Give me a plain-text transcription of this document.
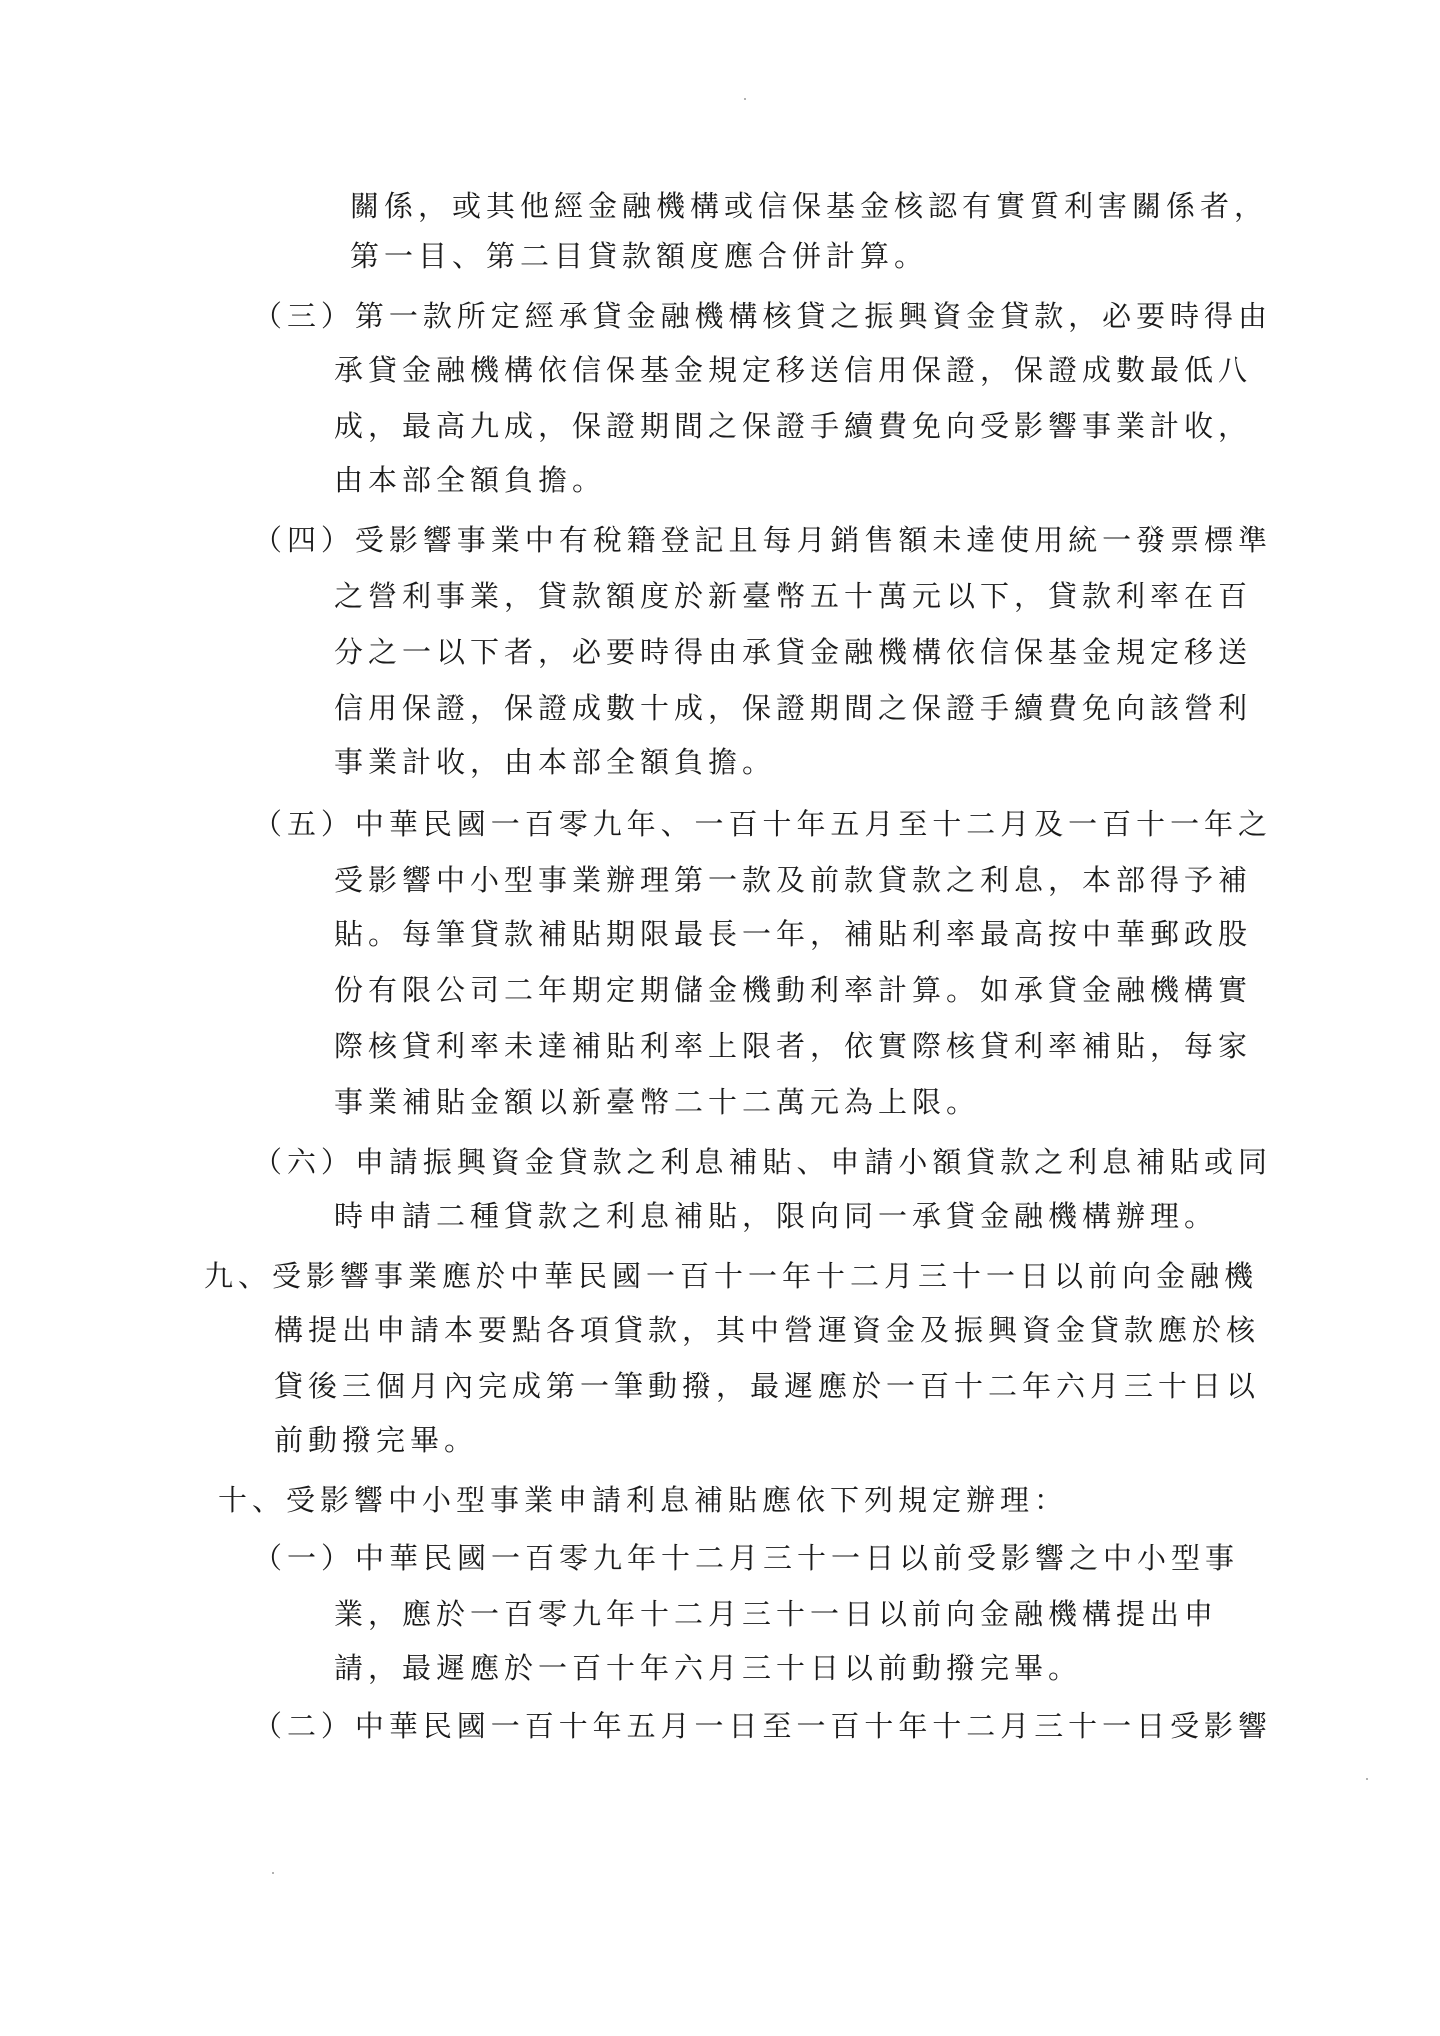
關係，或其他經金融機構或信保基金核認有實質利害關係者，
第一目、第二目貸款額度應合併計算。
（三）第一款所定經承貸金融機構核貸之振興資金貸款，必要時得由
承貸金融機構依信保基金規定移送信用保證，保證成數最低八
成，最高九成，保證期間之保證手續費免向受影響事業計收，
由本部全額負擔。
（四）受影響事業中有稅籍登記且每月銷售額未達使用統一發票標準
之營利事業，貸款額度於新臺幣五十萬元以下，貸款利率在百
分之一以下者，必要時得由承貸金融機構依信保基金規定移送
信用保證，保證成數十成，保證期間之保證手續費免向該營利
事業計收，由本部全額負擔。
（五）中華民國一百零九年、一百十年五月至十二月及一百十一年之
受影響中小型事業辦理第一款及前款貸款之利息，本部得予補
貼。每筆貸款補貼期限最長一年，補貼利率最高按中華郵政股
份有限公司二年期定期儲金機動利率計算。如承貸金融機構實
際核貸利率未達補貼利率上限者，依實際核貸利率補貼，每家
事業補貼金額以新臺幣二十二萬元為上限。
（六）申請振興資金貸款之利息補貼、申請小額貸款之利息補貼或同
時申請二種貸款之利息補貼，限向同一承貸金融機構辦理。
九、受影響事業應於中華民國一百十一年十二月三十一日以前向金融機
構提出申請本要點各項貸款，其中營運資金及振興資金貸款應於核
貸後三個月內完成第一筆動撥，最遲應於一百十二年六月三十日以
前動撥完畢。
十、受影響中小型事業申請利息補貼應依下列規定辦理：
（一）中華民國一百零九年十二月三十一日以前受影響之中小型事
業，應於一百零九年十二月三十一日以前向金融機構提出申
請，最遲應於一百十年六月三十日以前動撥完畢。
（二）中華民國一百十年五月一日至一百十年十二月三十一日受影響
